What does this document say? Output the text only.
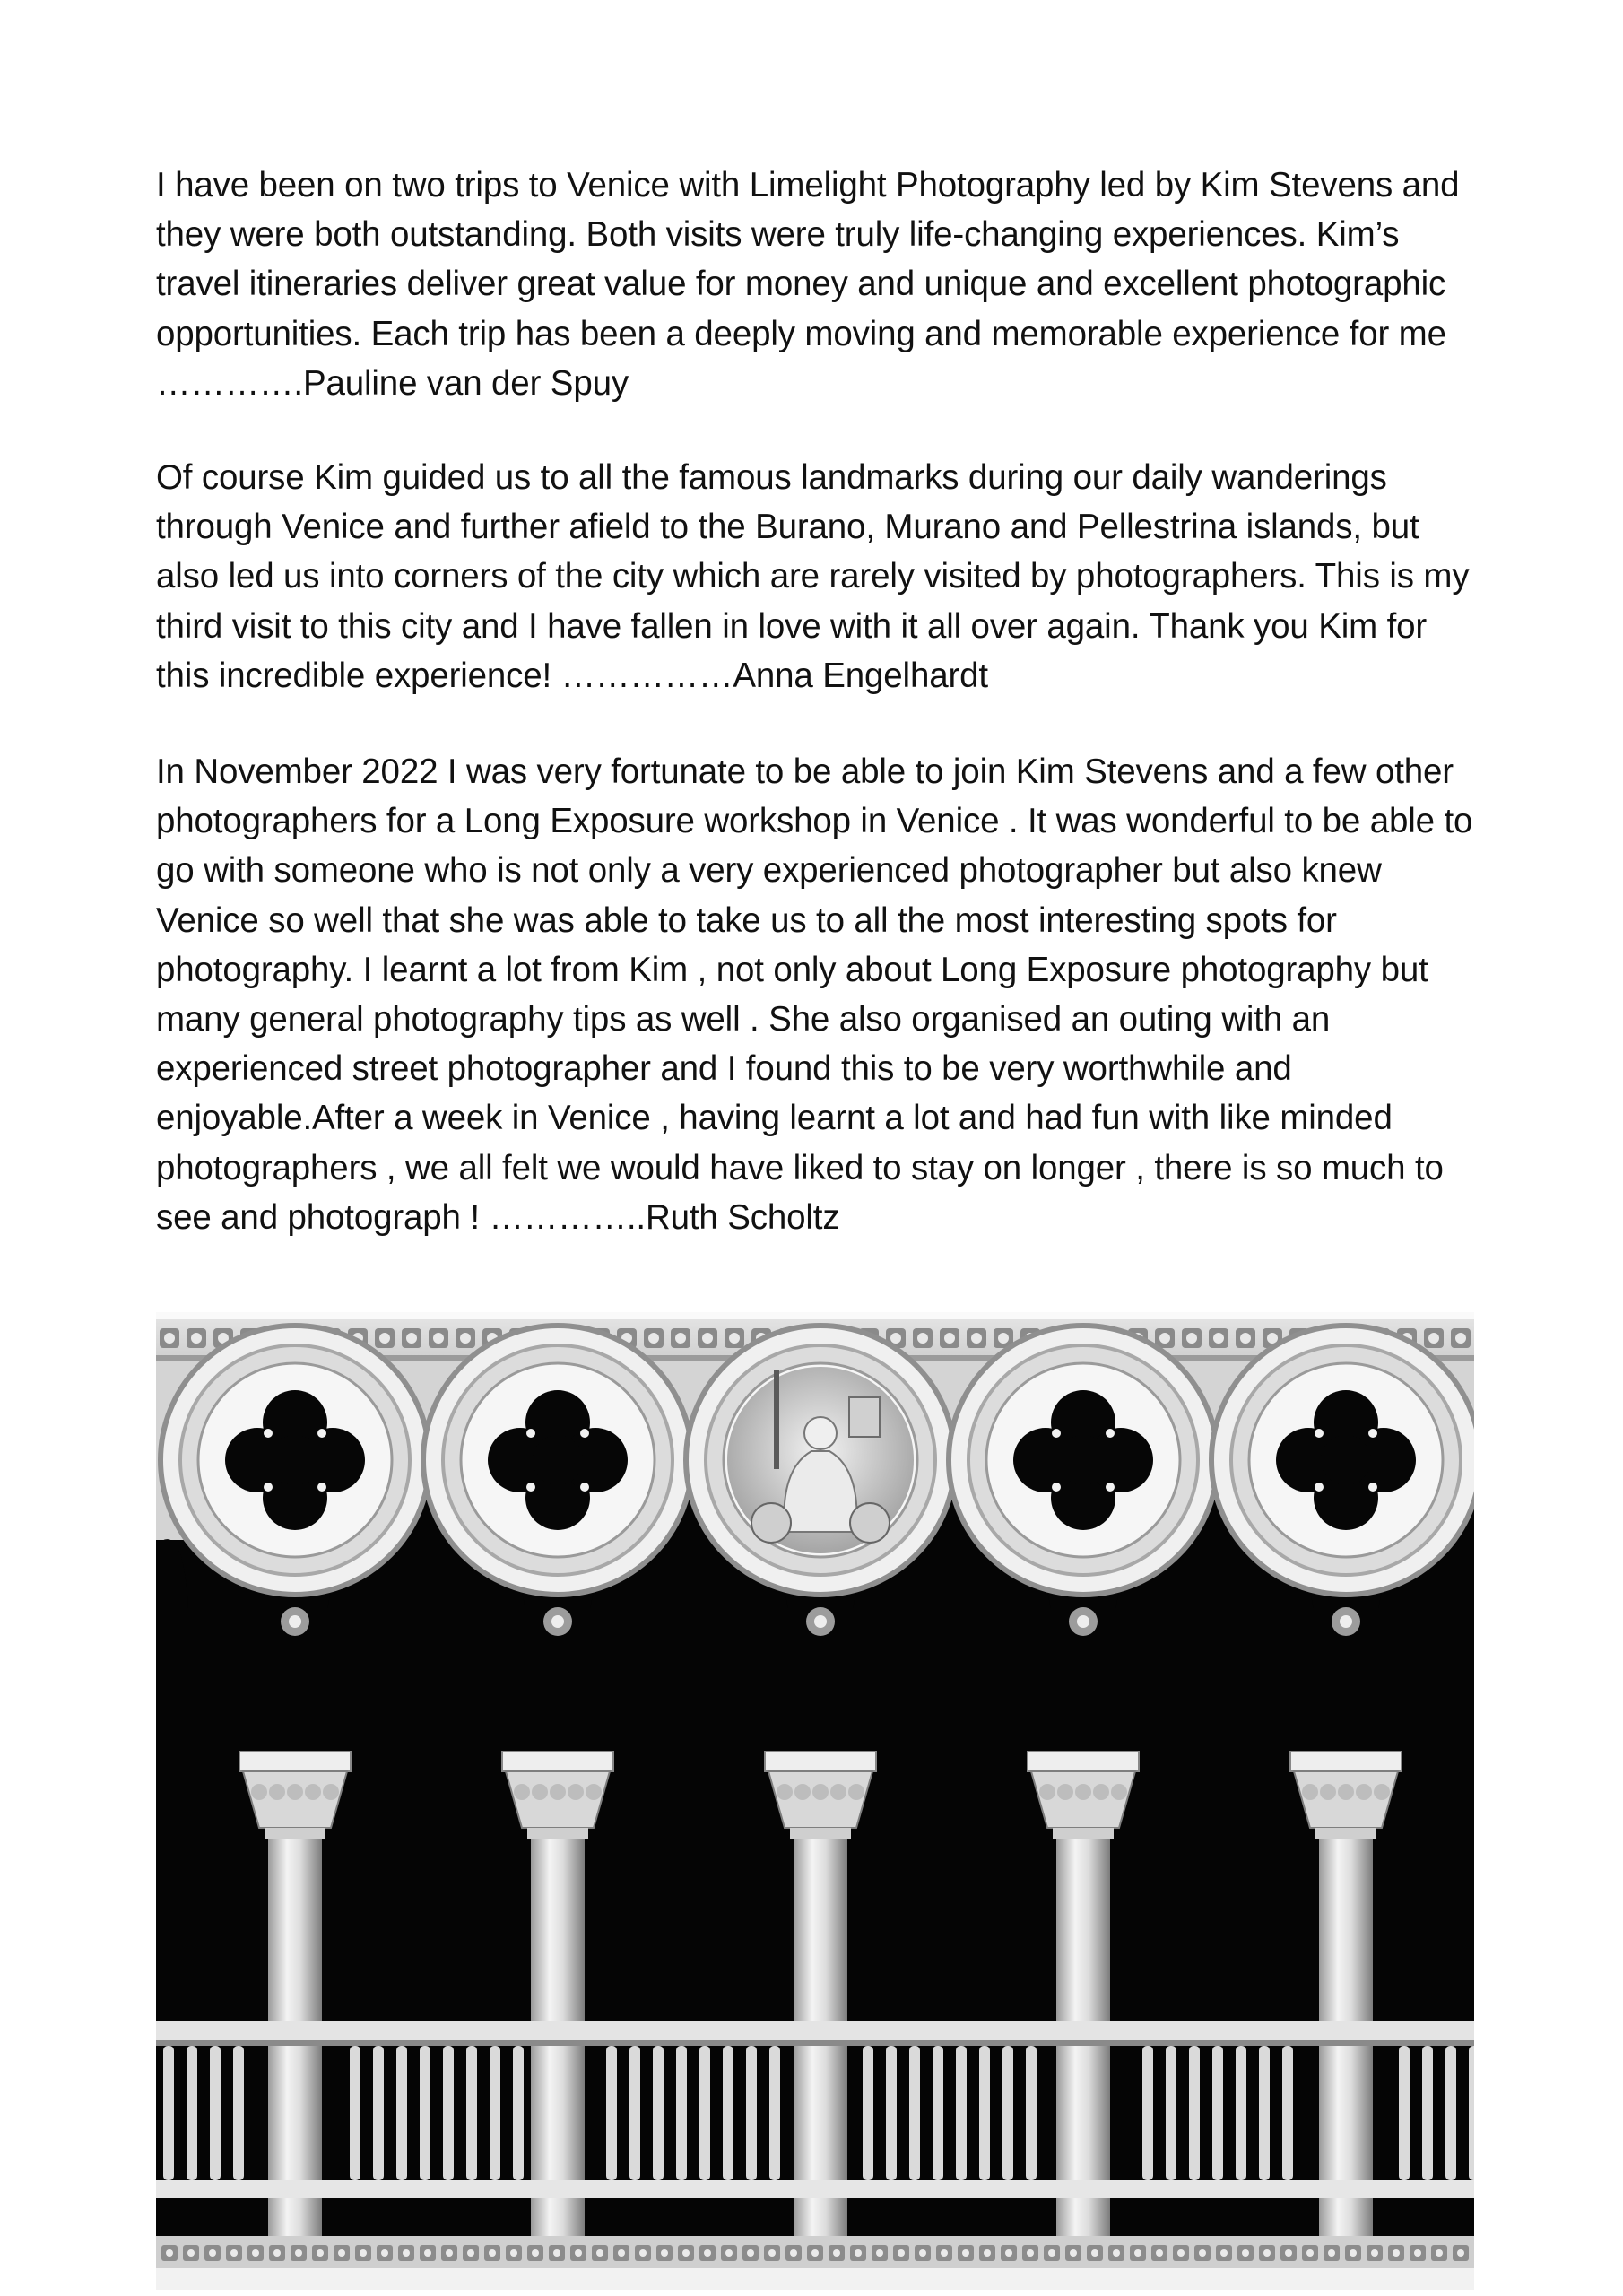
I have been on two trips to Venice with Limelight Photography led by Kim Stevens and they were both outstanding. Both visits were truly life-changing experiences. Kim’s travel itineraries deliver great value for money and unique and excellent photographic opportunities. Each trip has been a deeply moving and memorable experience for me ………….Pauline van der Spuy

Of course Kim guided us to all the famous landmarks during our daily wanderings through Venice and further afield to the Burano, Murano and Pellestrina islands, but also led us into corners of the city which are rarely visited by photographers. This is my third visit to this city and I have fallen in love with it all over again. Thank you Kim for this incredible experience! ……………Anna Engelhardt

In November 2022 I was very fortunate to be able to join Kim Stevens and a few other photographers for a Long Exposure workshop in Venice . It was wonderful to be able to go with someone who is not only a very experienced photographer but also knew Venice so well that she was able to take us to all the most interesting spots for photography. I learnt a lot from Kim , not only about Long Exposure photography but many general photography tips as well . She also organised an outing with an experienced street photographer and I found this to be very worthwhile and enjoyable.After a week in Venice , having learnt a lot and had fun with like minded photographers , we all felt we would have liked to stay on longer , there is so much to see and photograph ! …………..Ruth Scholtz
